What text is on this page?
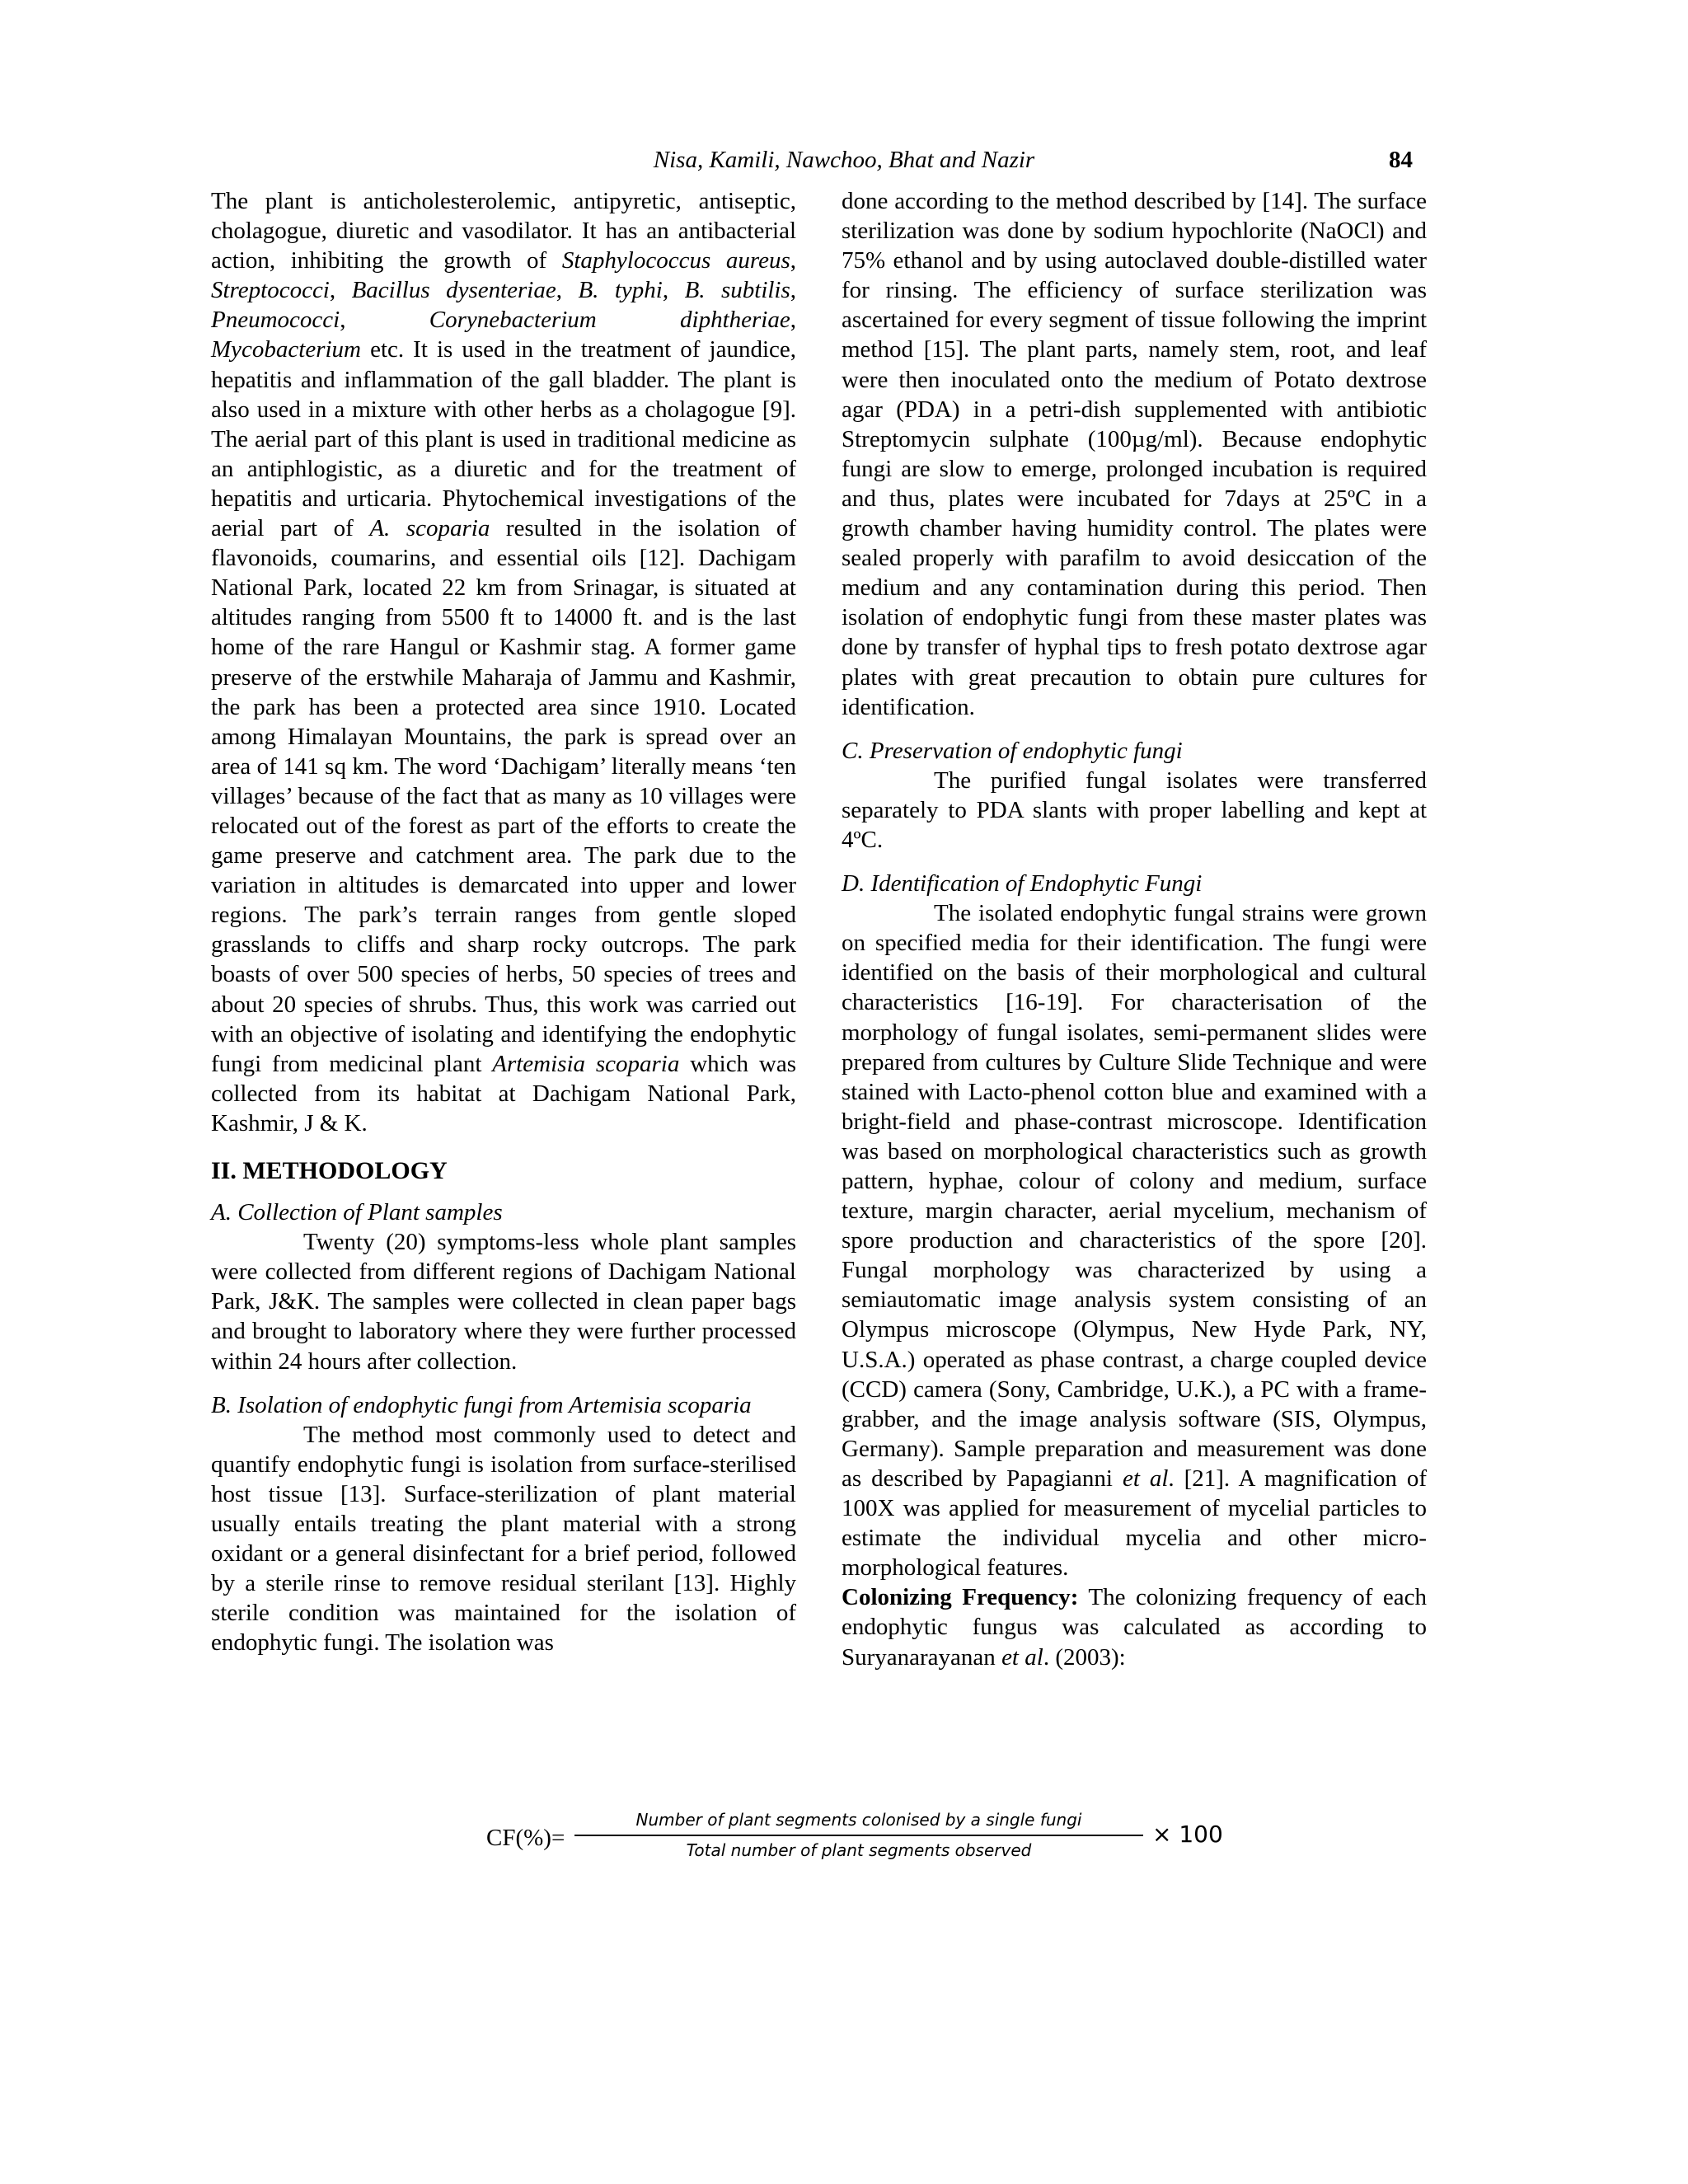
Nisa, Kamili, Nawchoo, Bhat and Nazir	84

The plant is anticholesterolemic, antipyretic, antiseptic, cholagogue, diuretic and vasodilator. It has an antibacterial action, inhibiting the growth of Staphylococcus aureus, Streptococci, Bacillus dysenteriae, B. typhi, B. subtilis, Pneumococci, Corynebacterium diphtheriae, Mycobacterium etc. It is used in the treatment of jaundice, hepatitis and inflammation of the gall bladder. The plant is also used in a mixture with other herbs as a cholagogue [9]. The aerial part of this plant is used in traditional medicine as an antiphlogistic, as a diuretic and for the treatment of hepatitis and urticaria. Phytochemical investigations of the aerial part of A. scoparia resulted in the isolation of flavonoids, coumarins, and essential oils [12]. Dachigam National Park, located 22 km from Srinagar, is situated at altitudes ranging from 5500 ft to 14000 ft. and is the last home of the rare Hangul or Kashmir stag. A former game preserve of the erstwhile Maharaja of Jammu and Kashmir, the park has been a protected area since 1910. Located among Himalayan Mountains, the park is spread over an area of 141 sq km. The word ‘Dachigam’ literally means ‘ten villages’ because of the fact that as many as 10 villages were relocated out of the forest as part of the efforts to create the game preserve and catchment area. The park due to the variation in altitudes is demarcated into upper and lower regions. The park’s terrain ranges from gentle sloped grasslands to cliffs and sharp rocky outcrops. The park boasts of over 500 species of herbs, 50 species of trees and about 20 species of shrubs. Thus, this work was carried out with an objective of isolating and identifying the endophytic fungi from medicinal plant Artemisia scoparia which was collected from its habitat at Dachigam National Park, Kashmir, J & K.

II. METHODOLOGY

A. Collection of Plant samples

Twenty (20) symptoms-less whole plant samples were collected from different regions of Dachigam National Park, J&K. The samples were collected in clean paper bags and brought to laboratory where they were further processed within 24 hours after collection.

B. Isolation of endophytic fungi from Artemisia scoparia

The method most commonly used to detect and quantify endophytic fungi is isolation from surface-sterilised host tissue [13]. Surface-sterilization of plant material usually entails treating the plant material with a strong oxidant or a general disinfectant for a brief period, followed by a sterile rinse to remove residual sterilant [13]. Highly sterile condition was maintained for the isolation of endophytic fungi. The isolation was

done according to the method described by [14]. The surface sterilization was done by sodium hypochlorite (NaOCl) and 75% ethanol and by using autoclaved double-distilled water for rinsing. The efficiency of surface sterilization was ascertained for every segment of tissue following the imprint method [15]. The plant parts, namely stem, root, and leaf were then inoculated onto the medium of Potato dextrose agar (PDA) in a petri-dish supplemented with antibiotic Streptomycin sulphate (100µg/ml). Because endophytic fungi are slow to emerge, prolonged incubation is required and thus, plates were incubated for 7days at 25ºC in a growth chamber having humidity control. The plates were sealed properly with parafilm to avoid desiccation of the medium and any contamination during this period. Then isolation of endophytic fungi from these master plates was done by transfer of hyphal tips to fresh potato dextrose agar plates with great precaution to obtain pure cultures for identification.

C. Preservation of endophytic fungi

The purified fungal isolates were transferred separately to PDA slants with proper labelling and kept at 4ºC.

D. Identification of Endophytic Fungi

The isolated endophytic fungal strains were grown on specified media for their identification. The fungi were identified on the basis of their morphological and cultural characteristics [16-19]. For characterisation of the morphology of fungal isolates, semi-permanent slides were prepared from cultures by Culture Slide Technique and were stained with Lacto-phenol cotton blue and examined with a bright-field and phase-contrast microscope. Identification was based on morphological characteristics such as growth pattern, hyphae, colour of colony and medium, surface texture, margin character, aerial mycelium, mechanism of spore production and characteristics of the spore [20]. Fungal morphology was characterized by using a semiautomatic image analysis system consisting of an Olympus microscope (Olympus, New Hyde Park, NY, U.S.A.) operated as phase contrast, a charge coupled device (CCD) camera (Sony, Cambridge, U.K.), a PC with a frame-grabber, and the image analysis software (SIS, Olympus, Germany). Sample preparation and measurement was done as described by Papagianni et al. [21]. A magnification of 100X was applied for measurement of mycelial particles to estimate the individual mycelia and other micro-morphological features.

Colonizing Frequency: The colonizing frequency of each endophytic fungus was calculated as according to Suryanarayanan et al. (2003):

CF(%)=
Number of plant segments colonised by a single fungi
Total number of plant segments observed
× 100
